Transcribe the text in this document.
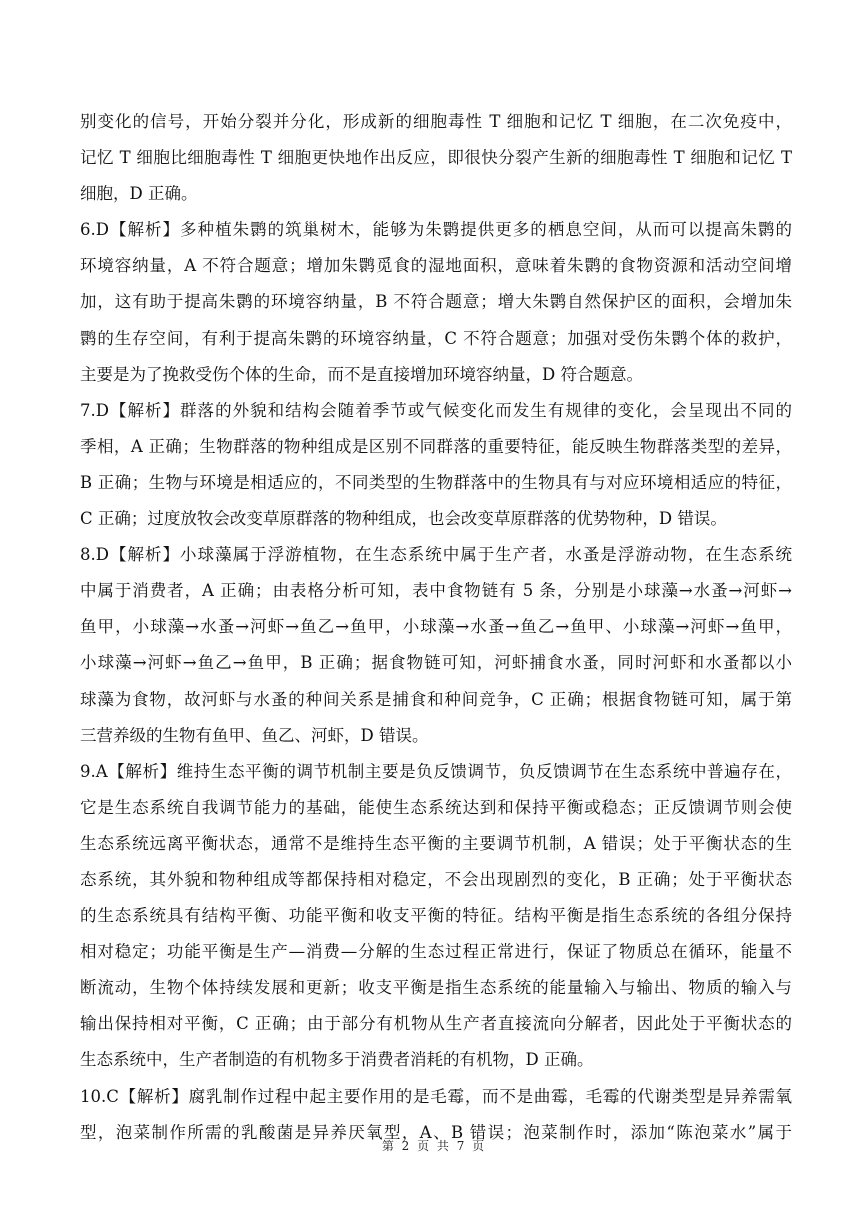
别变化的信号，开始分裂并分化，形成新的细胞毒性 T 细胞和记忆 T 细胞，在二次免疫中，
记忆 T 细胞比细胞毒性 T 细胞更快地作出反应，即很快分裂产生新的细胞毒性 T 细胞和记忆 T
细胞，D 正确。
6.D【解析】多种植朱鹮的筑巢树木，能够为朱鹮提供更多的栖息空间，从而可以提高朱鹮的
环境容纳量，A 不符合题意；增加朱鹮觅食的湿地面积，意味着朱鹮的食物资源和活动空间增
加，这有助于提高朱鹮的环境容纳量，B 不符合题意；增大朱鹮自然保护区的面积，会增加朱
鹮的生存空间，有利于提高朱鹮的环境容纳量，C 不符合题意；加强对受伤朱鹮个体的救护，
主要是为了挽救受伤个体的生命，而不是直接增加环境容纳量，D 符合题意。
7.D【解析】群落的外貌和结构会随着季节或气候变化而发生有规律的变化，会呈现出不同的
季相，A 正确；生物群落的物种组成是区别不同群落的重要特征，能反映生物群落类型的差异，
B 正确；生物与环境是相适应的，不同类型的生物群落中的生物具有与对应环境相适应的特征，
C 正确；过度放牧会改变草原群落的物种组成，也会改变草原群落的优势物种，D 错误。
8.D【解析】小球藻属于浮游植物，在生态系统中属于生产者，水蚤是浮游动物，在生态系统
中属于消费者，A 正确；由表格分析可知，表中食物链有 5 条，分别是小球藻→水蚤→河虾→
鱼甲，小球藻→水蚤→河虾→鱼乙→鱼甲，小球藻→水蚤→鱼乙→鱼甲、小球藻→河虾→鱼甲，
小球藻→河虾→鱼乙→鱼甲，B 正确；据食物链可知，河虾捕食水蚤，同时河虾和水蚤都以小
球藻为食物，故河虾与水蚤的种间关系是捕食和种间竞争，C 正确；根据食物链可知，属于第
三营养级的生物有鱼甲、鱼乙、河虾，D 错误。
9.A【解析】维持生态平衡的调节机制主要是负反馈调节，负反馈调节在生态系统中普遍存在，
它是生态系统自我调节能力的基础，能使生态系统达到和保持平衡或稳态；正反馈调节则会使
生态系统远离平衡状态，通常不是维持生态平衡的主要调节机制，A 错误；处于平衡状态的生
态系统，其外貌和物种组成等都保持相对稳定，不会出现剧烈的变化，B 正确；处于平衡状态
的生态系统具有结构平衡、功能平衡和收支平衡的特征。结构平衡是指生态系统的各组分保持
相对稳定；功能平衡是生产—消费—分解的生态过程正常进行，保证了物质总在循环，能量不
断流动，生物个体持续发展和更新；收支平衡是指生态系统的能量输入与输出、物质的输入与
输出保持相对平衡，C 正确；由于部分有机物从生产者直接流向分解者，因此处于平衡状态的
生态系统中，生产者制造的有机物多于消费者消耗的有机物，D 正确。
10.C【解析】腐乳制作过程中起主要作用的是毛霉，而不是曲霉，毛霉的代谢类型是异养需氧
型，泡菜制作所需的乳酸菌是异养厌氧型，A、B 错误；泡菜制作时，添加“陈泡菜水”属于
第 2 页 共 7 页
